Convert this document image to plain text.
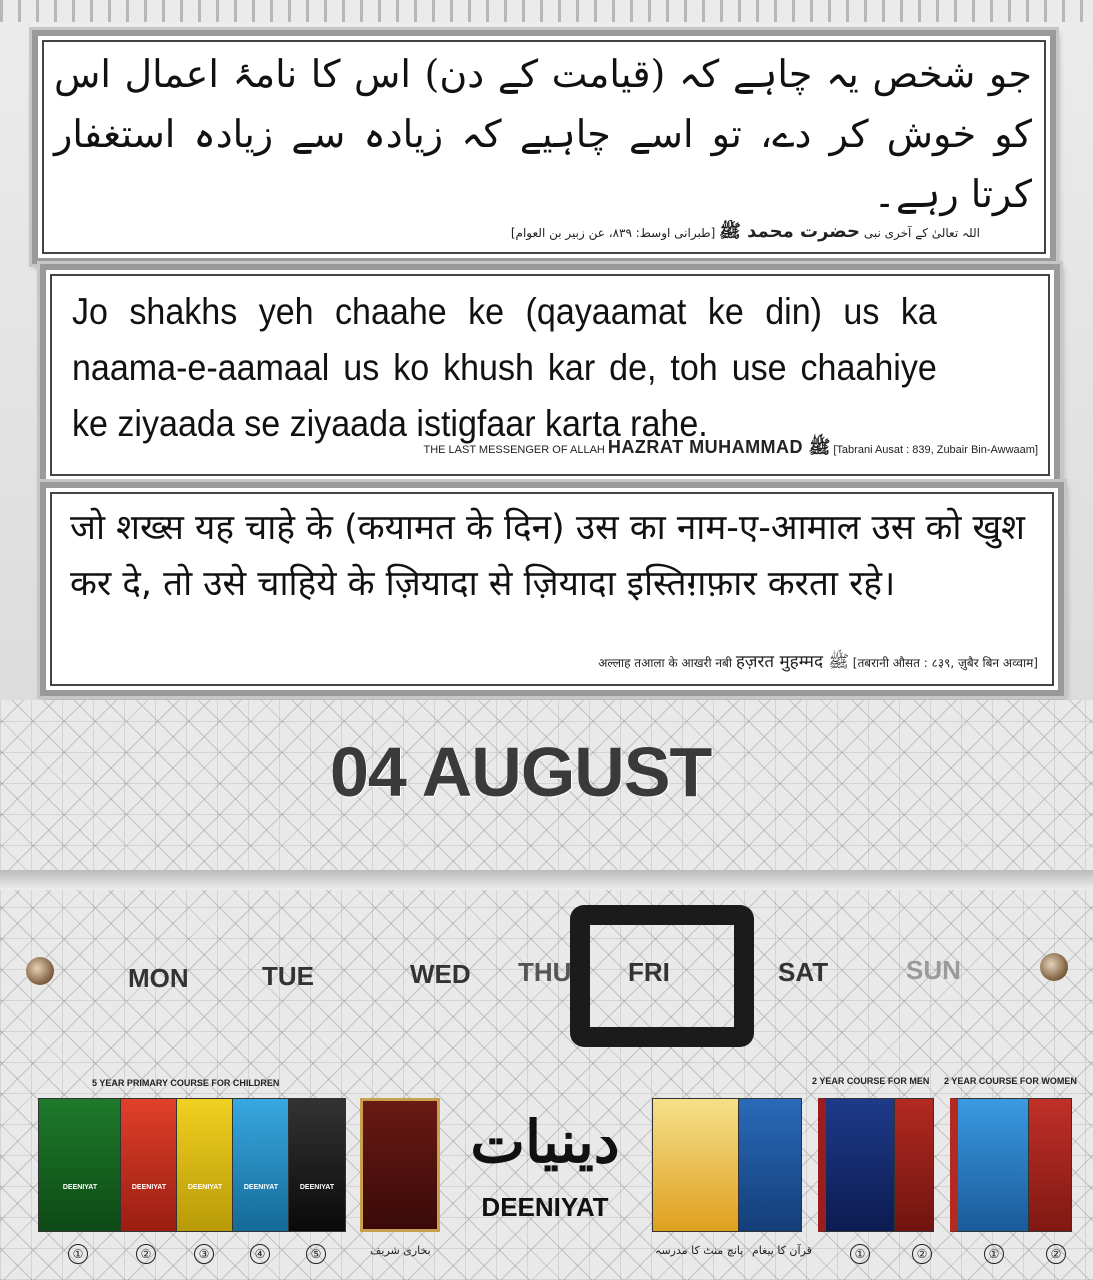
جو شخص یہ چاہے کہ (قیامت کے دن) اس کا نامۂ اعمال اس کو خوش کر دے، تو اسے چاہیے کہ زیادہ سے زیادہ استغفار کرتا رہے۔
اللہ تعالیٰ کے آخری نبی حضرت محمد ﷺ [طبرانی اوسط: ۸۳۹، عن زبیر بن العوام]
Jo shakhs yeh chaahe ke (qayaamat ke din) us ka naama-e-aamaal us ko khush kar de, toh use chaahiye ke ziyaada se ziyaada istigfaar karta rahe.
THE LAST MESSENGER OF ALLAH HAZRAT MUHAMMAD ﷺ [Tabrani Ausat : 839, Zubair Bin-Awwaam]
जो शख्स यह चाहे के (कयामत के दिन) उस का नाम-ए-आमाल उस को खुश कर दे, तो उसे चाहिये के ज़ियादा से ज़ियादा इस्तिग़फ़ार करता रहे।
अल्लाह तआला के आखरी नबी हज़रत मुहम्मद ﷺ [तबरानी औसत : ८३९, ज़ुबैर बिन अव्वाम]
04 AUGUST
MON	TUE	WED THU FRI	SAT	SUN
5 YEAR PRIMARY COURSE FOR CHILDREN	2 YEAR COURSE FOR MEN 2 YEAR COURSE FOR WOMEN
DEENIYAT	DEENIYAT	DEENIYAT	DEENIYAT	DEENIYAT
دینیات
DEENIYAT
①	②	③	④	⑤	بخاری شریف	پانچ منٹ کا مدرسہ قرآن کا پیغام	①	②	①	②
